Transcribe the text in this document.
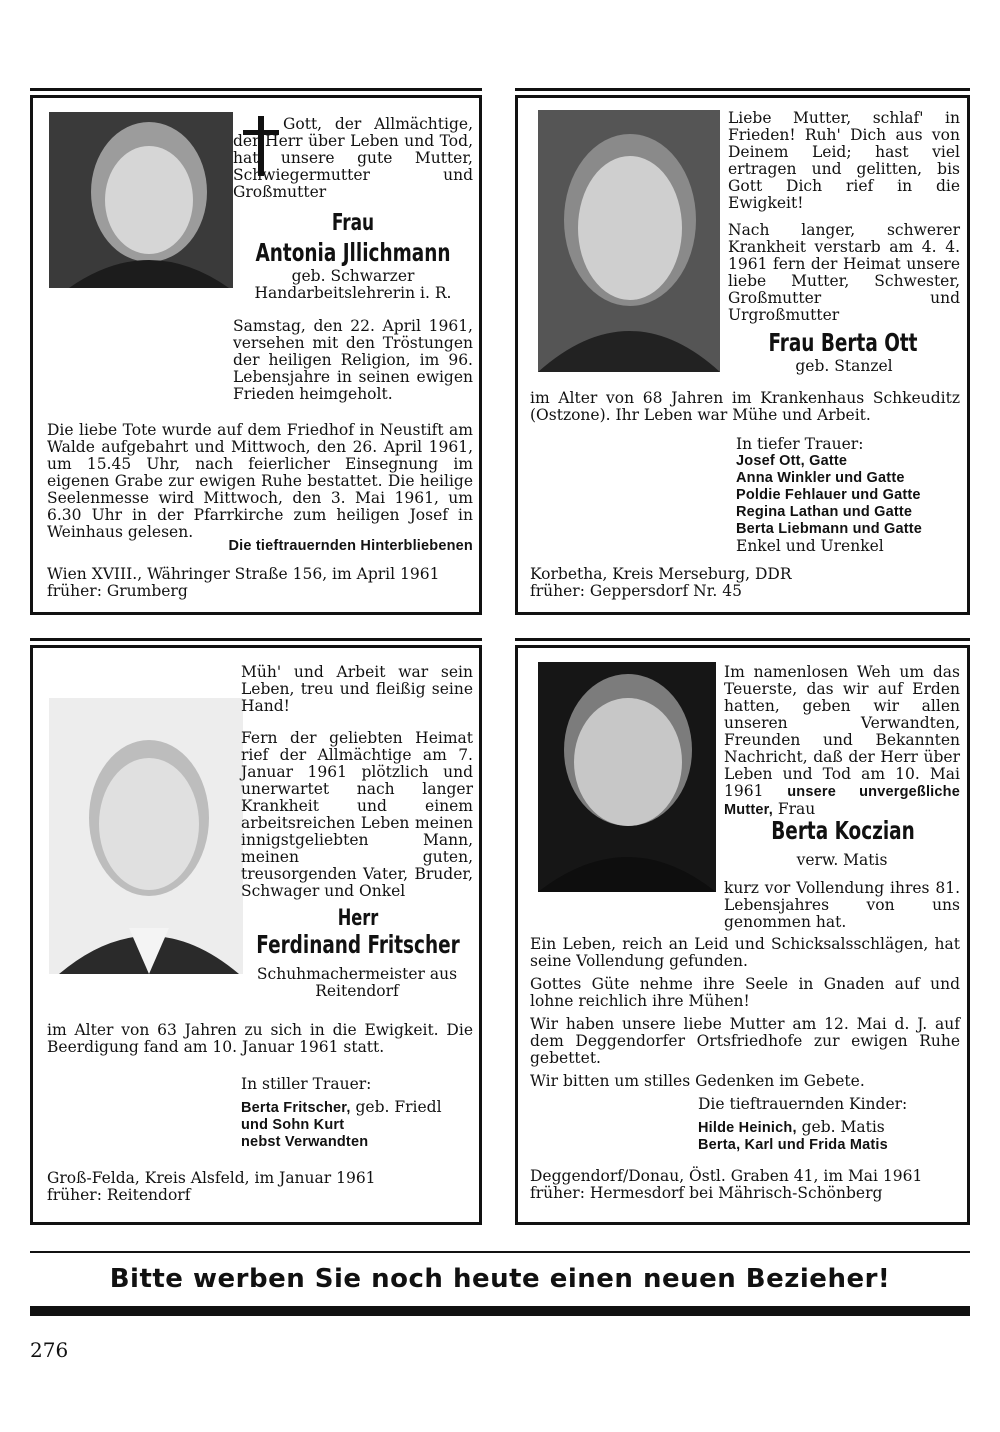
Gott, der Allmächtige, der Herr über Leben und Tod, hat unsere gute Mutter, Schwiegermutter und Großmutter
Frau
Antonia Jllichmann
geb. Schwarzer
Handarbeitslehrerin i. R.
Samstag, den 22. April 1961, versehen mit den Tröstungen der heiligen Religion, im 96. Lebensjahre in seinen ewigen Frieden heimgeholt.
Die liebe Tote wurde auf dem Friedhof in Neustift am Walde aufgebahrt und Mittwoch, den 26. April 1961, um 15.45 Uhr, nach feierlicher Einsegnung im eigenen Grabe zur ewigen Ruhe bestattet. Die heilige Seelenmesse wird Mittwoch, den 3. Mai 1961, um 6.30 Uhr in der Pfarrkirche zum heiligen Josef in Weinhaus gelesen.
Die tieftrauernden Hinterbliebenen
Wien XVIII., Währinger Straße 156, im April 1961
früher: Grumberg
Liebe Mutter, schlaf' in Frieden! Ruh' Dich aus von Deinem Leid; hast viel ertragen und gelitten, bis Gott Dich rief in die Ewigkeit!
Nach langer, schwerer Krankheit verstarb am 4. 4. 1961 fern der Heimat unsere liebe Mutter, Schwester, Großmutter und Urgroßmutter
Frau Berta Ott
geb. Stanzel
im Alter von 68 Jahren im Krankenhaus Schkeuditz (Ostzone). Ihr Leben war Mühe und Arbeit.
In tiefer Trauer:
Josef Ott, Gatte
Anna Winkler und Gatte
Poldie Fehlauer und Gatte
Regina Lathan und Gatte
Berta Liebmann und Gatte
Enkel und Urenkel
Korbetha, Kreis Merseburg, DDR
früher: Geppersdorf Nr. 45
Müh' und Arbeit war sein Leben, treu und fleißig seine Hand!
Fern der geliebten Heimat rief der Allmächtige am 7. Januar 1961 plötzlich und unerwartet nach langer Krankheit und einem arbeitsreichen Leben meinen innigstgeliebten Mann, meinen guten, treusorgenden Vater, Bruder, Schwager und Onkel
Herr
Ferdinand Fritscher
Schuhmachermeister aus Reitendorf
im Alter von 63 Jahren zu sich in die Ewigkeit. Die Beerdigung fand am 10. Januar 1961 statt.
In stiller Trauer:
Berta Fritscher, geb. Friedl
und Sohn Kurt
nebst Verwandten
Groß-Felda, Kreis Alsfeld, im Januar 1961
früher: Reitendorf
Im namenlosen Weh um das Teuerste, das wir auf Erden hatten, geben wir allen unseren Verwandten, Freunden und Bekannten Nachricht, daß der Herr über Leben und Tod am 10. Mai 1961 unsere unvergeßliche Mutter, Frau
Berta Koczian
verw. Matis
kurz vor Vollendung ihres 81. Lebensjahres von uns genommen hat.

Ein Leben, reich an Leid und Schicksalsschlägen, hat seine Vollendung gefunden.

Gottes Güte nehme ihre Seele in Gnaden auf und lohne reichlich ihre Mühen!

Wir haben unsere liebe Mutter am 12. Mai d. J. auf dem Deggendorfer Ortsfriedhofe zur ewigen Ruhe gebettet.

Wir bitten um stilles Gedenken im Gebete.

Die tieftrauernden Kinder:
Hilde Heinich, geb. Matis
Berta, Karl und Frida Matis
Deggendorf/Donau, Östl. Graben 41, im Mai 1961
früher: Hermesdorf bei Mährisch-Schönberg
Bitte werben Sie noch heute einen neuen Bezieher!
276
